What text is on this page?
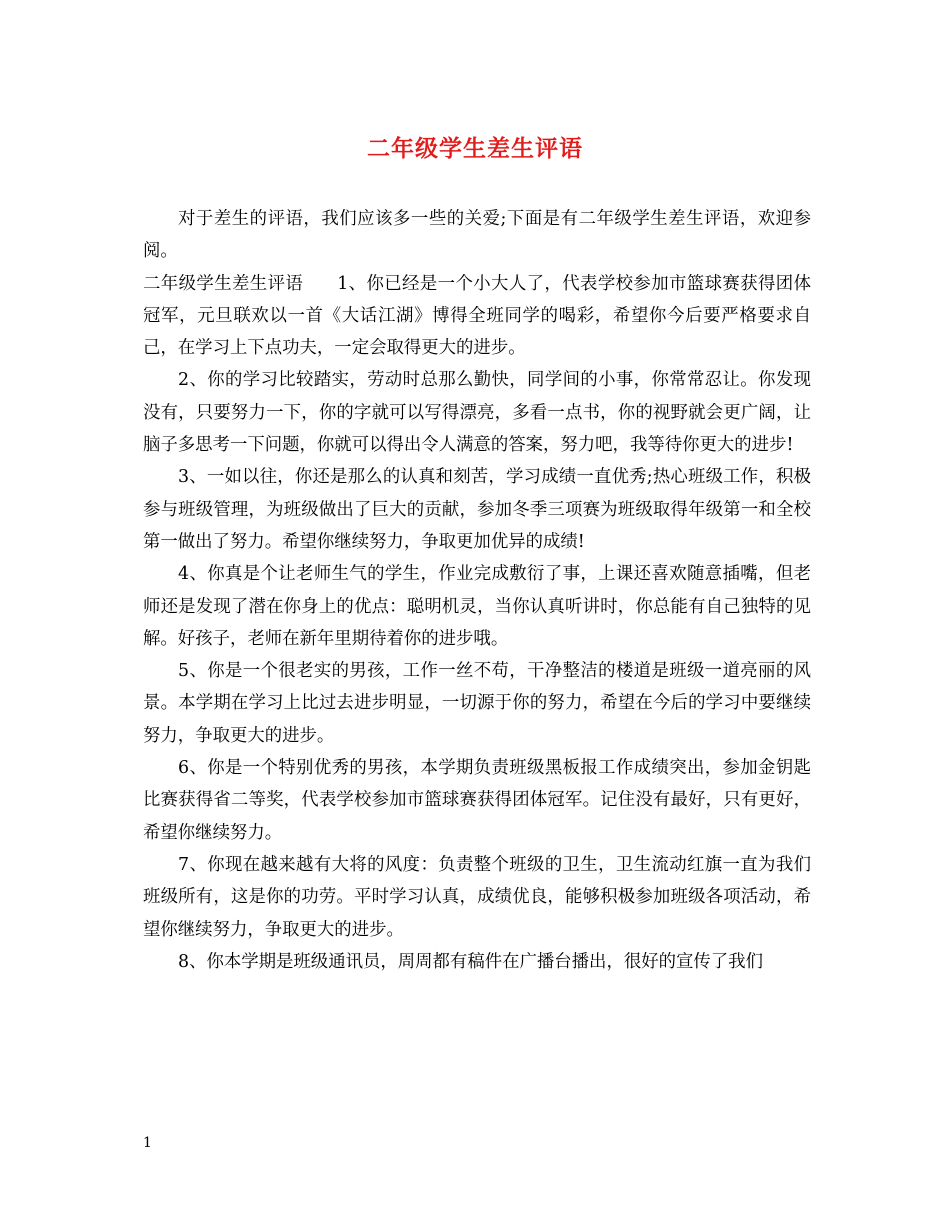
二年级学生差生评语

对于差生的评语，我们应该多一些的关爱;下面是有二年级学生差生评语，欢迎参阅。

二年级学生差生评语 1、你已经是一个小大人了，代表学校参加市篮球赛获得团体冠军，元旦联欢以一首《大话江湖》博得全班同学的喝彩，希望你今后要严格要求自己，在学习上下点功夫，一定会取得更大的进步。

2、你的学习比较踏实，劳动时总那么勤快，同学间的小事，你常常忍让。你发现没有，只要努力一下，你的字就可以写得漂亮，多看一点书，你的视野就会更广阔，让脑子多思考一下问题，你就可以得出令人满意的答案，努力吧，我等待你更大的进步!

3、一如以往，你还是那么的认真和刻苦，学习成绩一直优秀;热心班级工作，积极参与班级管理，为班级做出了巨大的贡献，参加冬季三项赛为班级取得年级第一和全校第一做出了努力。希望你继续努力，争取更加优异的成绩!

4、你真是个让老师生气的学生，作业完成敷衍了事，上课还喜欢随意插嘴，但老师还是发现了潜在你身上的优点：聪明机灵，当你认真听讲时，你总能有自己独特的见解。好孩子，老师在新年里期待着你的进步哦。

5、你是一个很老实的男孩，工作一丝不苟，干净整洁的楼道是班级一道亮丽的风景。本学期在学习上比过去进步明显，一切源于你的努力，希望在今后的学习中要继续努力，争取更大的进步。

6、你是一个特别优秀的男孩，本学期负责班级黑板报工作成绩突出，参加金钥匙比赛获得省二等奖，代表学校参加市篮球赛获得团体冠军。记住没有最好，只有更好，希望你继续努力。

7、你现在越来越有大将的风度：负责整个班级的卫生，卫生流动红旗一直为我们班级所有，这是你的功劳。平时学习认真，成绩优良，能够积极参加班级各项活动，希望你继续努力，争取更大的进步。

8、你本学期是班级通讯员，周周都有稿件在广播台播出，很好的宣传了我们

1
